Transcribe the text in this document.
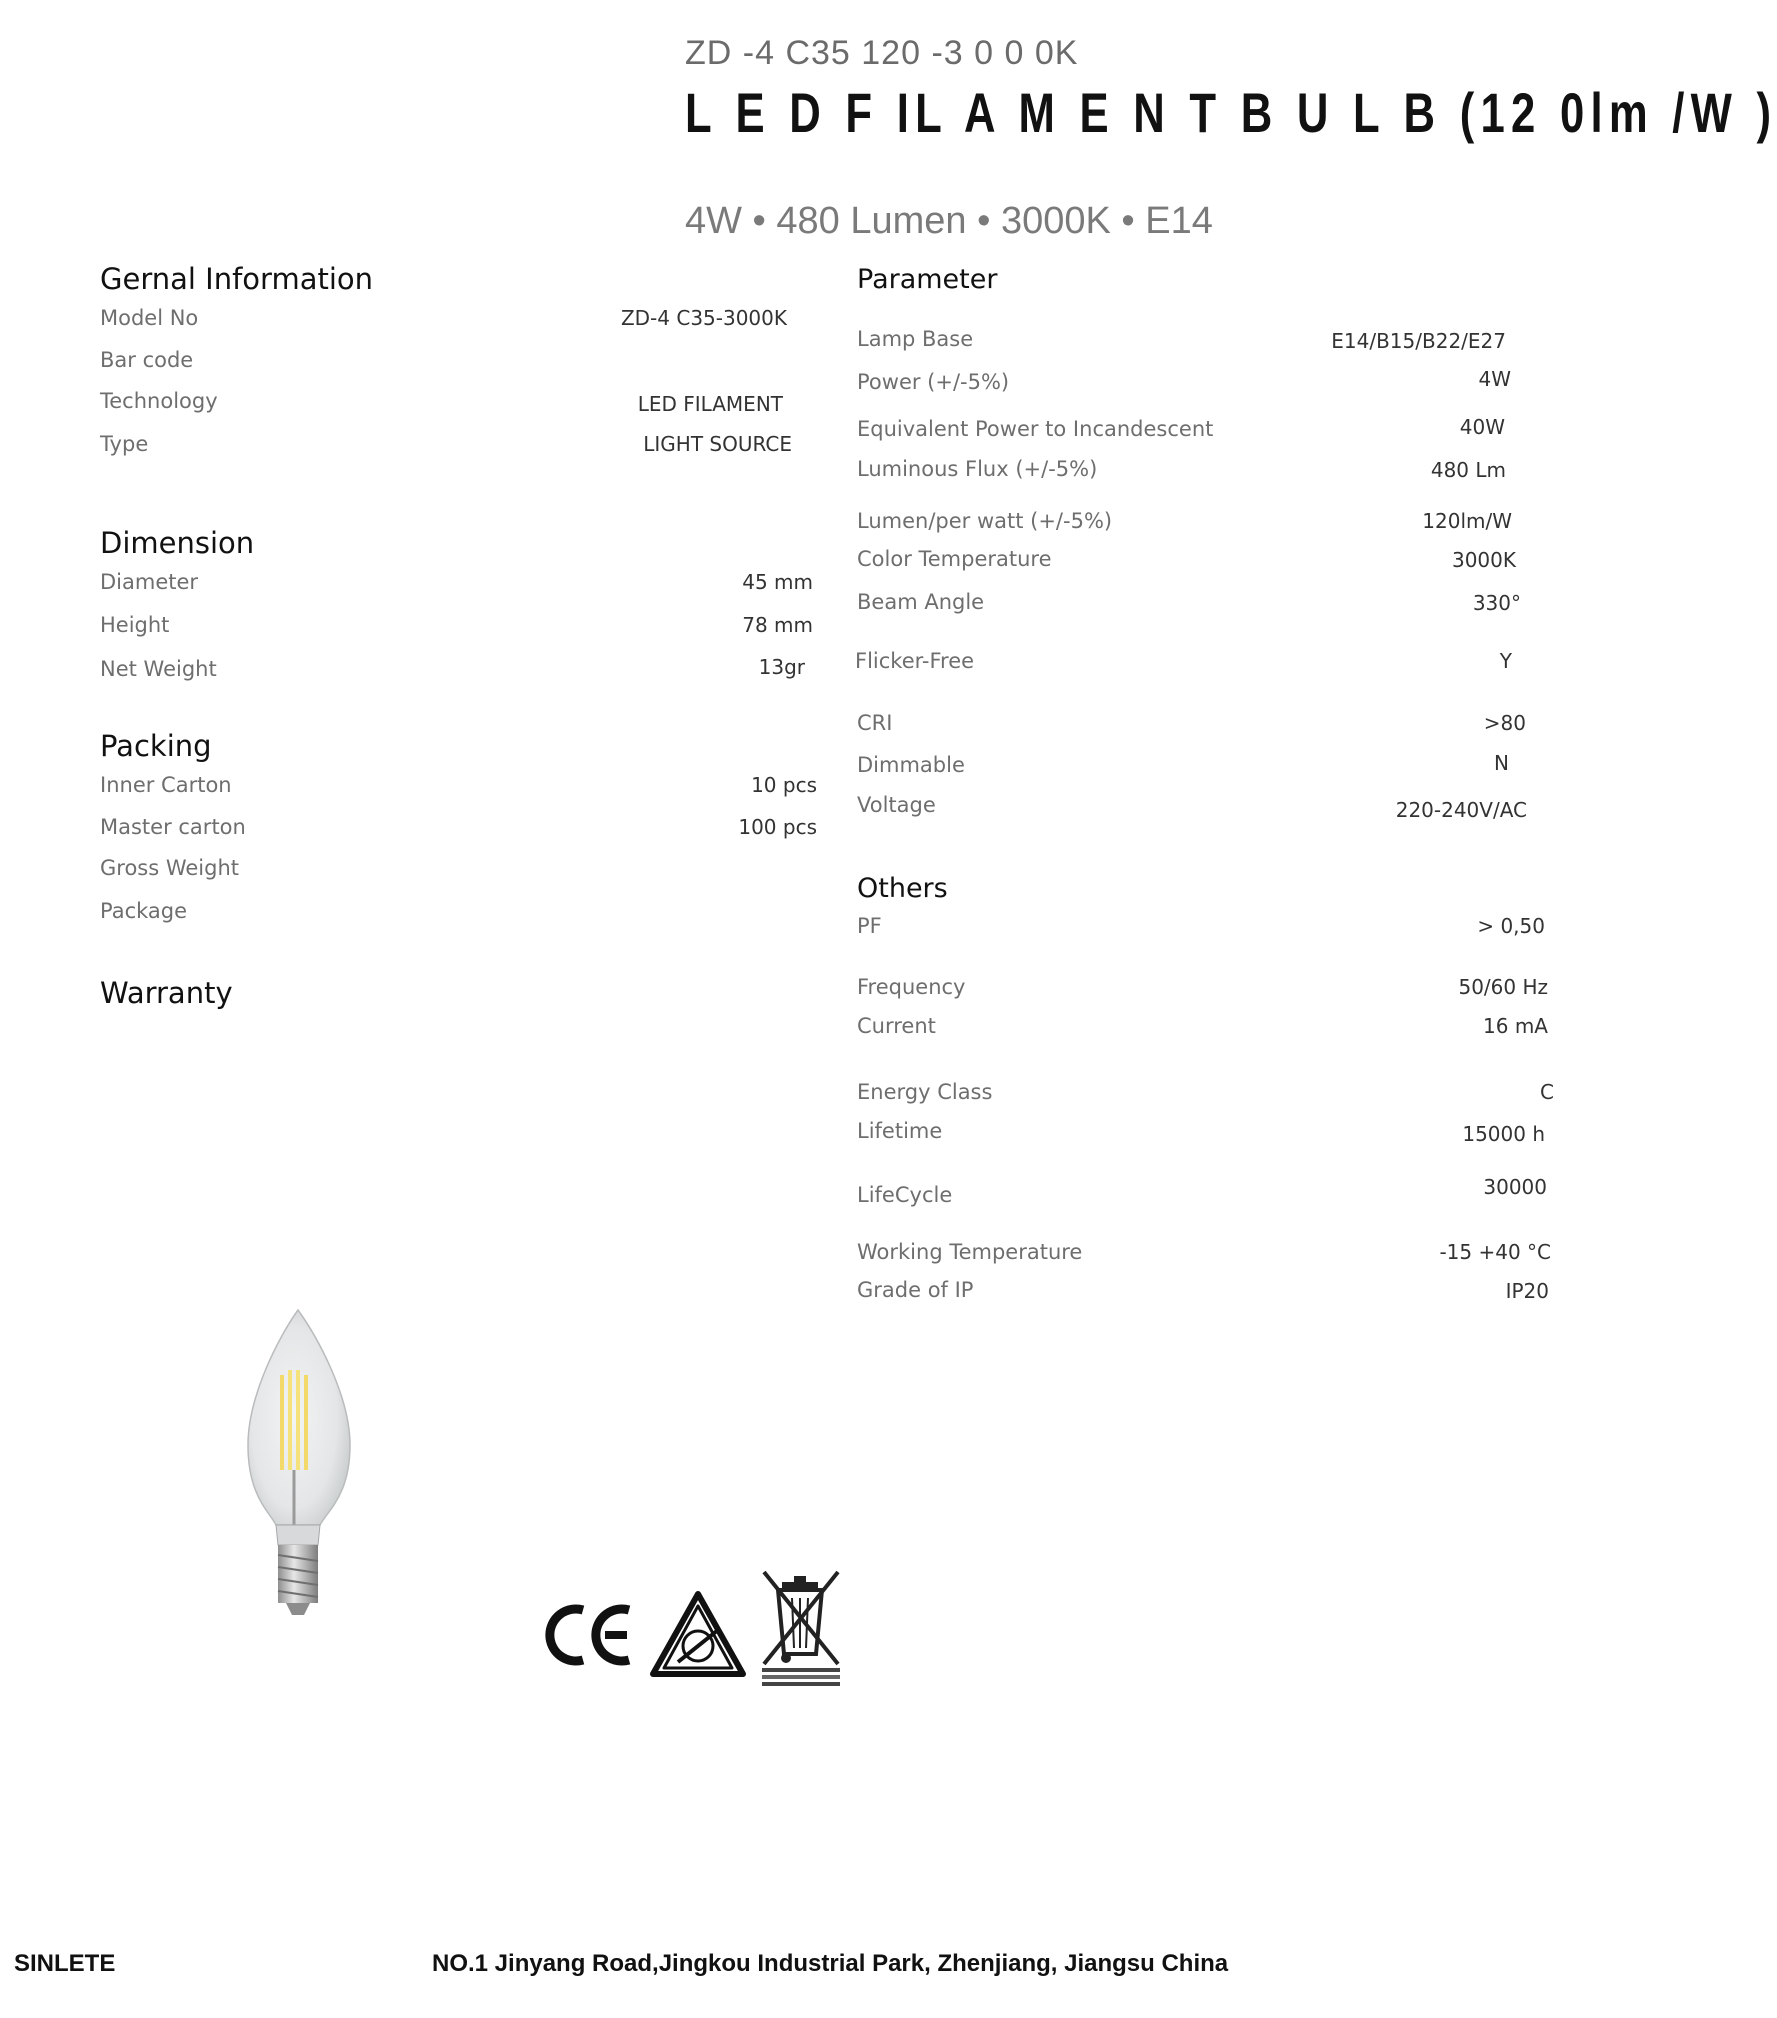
ZD -4 C35 120 -3 0 0 0K
L E D F IL A M E N T B U L B (12 0lm /W )
4W • 480 Lumen • 3000K • E14
Gernal Information
Model No	ZD-4 C35-3000K
Bar code
Technology	LED FILAMENT
Type	LIGHT SOURCE
Dimension
Diameter	45 mm
Height	78 mm
Net Weight	13gr
Packing
Inner Carton	10 pcs
Master carton	100 pcs
Gross Weight
Package
Warranty
Parameter
Lamp Base	E14/B15/B22/E27
Power (+/-5%)	4W
Equivalent Power to Incandescent	40W
Luminous Flux (+/-5%)	480 Lm
Lumen/per watt (+/-5%)	120lm/W
Color Temperature	3000K
Beam Angle	330°
Flicker-Free	Y
CRI	>80
Dimmable	N
Voltage	220-240V/AC
Others
PF	> 0,50
Frequency	50/60 Hz
Current	16 mA
Energy Class	C
Lifetime	15000 h
LifeCycle	30000
Working Temperature	-15 +40 °C
Grade of IP	IP20
SINLETE	NO.1 Jinyang Road,Jingkou Industrial Park, Zhenjiang, Jiangsu China
